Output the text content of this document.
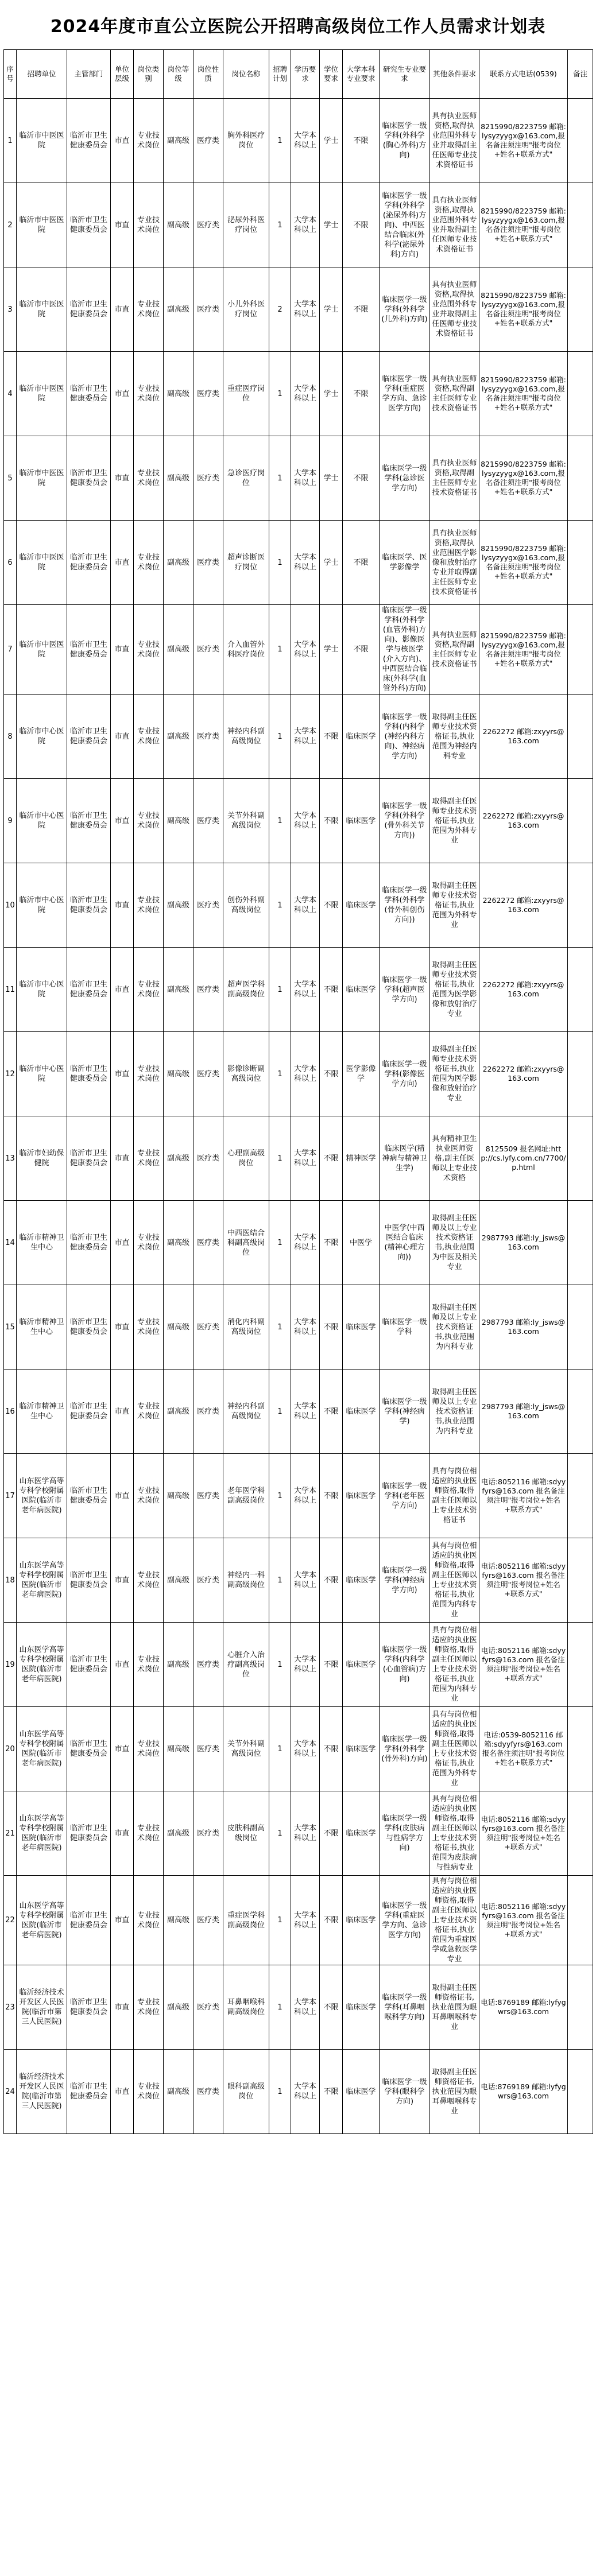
2024年度市直公立医院公开招聘高级岗位工作人员需求计划表
序号	招聘单位	主管部门	单位层级	岗位类别	岗位等级	岗位性质	岗位名称	招聘计划	学历要求	学位要求	大学本科专业要求	研究生专业要求	其他条件要求	联系方式电话(0539)	备注
1	临沂市中医医院	临沂市卫生健康委员会	市直	专业技术岗位	副高级	医疗类	胸外科医疗岗位	1	大学本科以上	学士	不限	临床医学一级学科(外科学(胸心外科)方向)	具有执业医师资格,取得执业范围外科专业并取得副主任医师专业技术资格证书	8215990/8223759 邮箱:lysyzyygx@163.com,报名备注须注明"报考岗位+姓名+联系方式"	
2	临沂市中医医院	临沂市卫生健康委员会	市直	专业技术岗位	副高级	医疗类	泌尿外科医疗岗位	1	大学本科以上	学士	不限	临床医学一级学科(外科学(泌尿外科)方向)、中西医结合临床(外科学(泌尿外科)方向)	具有执业医师资格,取得执业范围外科专业并取得副主任医师专业技术资格证书	8215990/8223759 邮箱:lysyzyygx@163.com,报名备注须注明"报考岗位+姓名+联系方式"	
3	临沂市中医医院	临沂市卫生健康委员会	市直	专业技术岗位	副高级	医疗类	小儿外科医疗岗位	2	大学本科以上	学士	不限	临床医学一级学科(外科学(儿外科)方向)	具有执业医师资格,取得执业范围外科专业并取得副主任医师专业技术资格证书	8215990/8223759 邮箱:lysyzyygx@163.com,报名备注须注明"报考岗位+姓名+联系方式"	
4	临沂市中医医院	临沂市卫生健康委员会	市直	专业技术岗位	副高级	医疗类	重症医疗岗位	1	大学本科以上	学士	不限	临床医学一级学科(重症医学方向、急诊医学方向)	具有执业医师资格,取得副主任医师专业技术资格证书	8215990/8223759 邮箱:lysyzyygx@163.com,报名备注须注明"报考岗位+姓名+联系方式"	
5	临沂市中医医院	临沂市卫生健康委员会	市直	专业技术岗位	副高级	医疗类	急诊医疗岗位	1	大学本科以上	学士	不限	临床医学一级学科(急诊医学方向)	具有执业医师资格,取得副主任医师专业技术资格证书	8215990/8223759 邮箱:lysyzyygx@163.com,报名备注须注明"报考岗位+姓名+联系方式"	
6	临沂市中医医院	临沂市卫生健康委员会	市直	专业技术岗位	副高级	医疗类	超声诊断医疗岗位	1	大学本科以上	学士	不限	临床医学、医学影像学	具有执业医师资格,取得执业范围医学影像和放射治疗专业并取得副主任医师专业技术资格证书	8215990/8223759 邮箱:lysyzyygx@163.com,报名备注须注明"报考岗位+姓名+联系方式"	
7	临沂市中医医院	临沂市卫生健康委员会	市直	专业技术岗位	副高级	医疗类	介入血管外科医疗岗位	1	大学本科以上	学士	不限	临床医学一级学科(外科学(血管外科)方向)、影像医学与核医学(介入方向)、中西医结合临床(外科学(血管外科)方向)	具有执业医师资格,取得副主任医师专业技术资格证书	8215990/8223759 邮箱:lysyzyygx@163.com,报名备注须注明"报考岗位+姓名+联系方式"	
8	临沂市中心医院	临沂市卫生健康委员会	市直	专业技术岗位	副高级	医疗类	神经内科副高级岗位	1	大学本科以上	不限	临床医学	临床医学一级学科(内科学(神经内科方向)、神经病学方向)	取得副主任医师专业技术资格证书,执业范围为神经内科专业	2262272 邮箱:zxyyrs@163.com	
9	临沂市中心医院	临沂市卫生健康委员会	市直	专业技术岗位	副高级	医疗类	关节外科副高级岗位	1	大学本科以上	不限	临床医学	临床医学一级学科(外科学(骨外科关节方向))	取得副主任医师专业技术资格证书,执业范围为外科专业	2262272 邮箱:zxyyrs@163.com	
10	临沂市中心医院	临沂市卫生健康委员会	市直	专业技术岗位	副高级	医疗类	创伤外科副高级岗位	1	大学本科以上	不限	临床医学	临床医学一级学科(外科学(骨外科创伤方向))	取得副主任医师专业技术资格证书,执业范围为外科专业	2262272 邮箱:zxyyrs@163.com	
11	临沂市中心医院	临沂市卫生健康委员会	市直	专业技术岗位	副高级	医疗类	超声医学科副高级岗位	1	大学本科以上	不限	临床医学	临床医学一级学科(超声医学方向)	取得副主任医师专业技术资格证书,执业范围为医学影像和放射治疗专业	2262272 邮箱:zxyyrs@163.com	
12	临沂市中心医院	临沂市卫生健康委员会	市直	专业技术岗位	副高级	医疗类	影像诊断副高级岗位	1	大学本科以上	不限	医学影像学	临床医学一级学科(影像医学方向)	取得副主任医师专业技术资格证书,执业范围为医学影像和放射治疗专业	2262272 邮箱:zxyyrs@163.com	
13	临沂市妇幼保健院	临沂市卫生健康委员会	市直	专业技术岗位	副高级	医疗类	心理副高级岗位	1	大学本科以上	不限	精神医学	临床医学(精神病与精神卫生学)	具有精神卫生执业医师资格,副主任医师以上专业技术资格	8125509 报名网址:http://cs.lyfy.com.cn/7700/p.html	
14	临沂市精神卫生中心	临沂市卫生健康委员会	市直	专业技术岗位	副高级	医疗类	中西医结合科副高级岗位	1	大学本科以上	不限	中医学	中医学(中西医结合临床(精神心理方向))	取得副主任医师及以上专业技术资格证书,执业范围为中医及相关专业	2987793 邮箱:ly_jsws@163.com	
15	临沂市精神卫生中心	临沂市卫生健康委员会	市直	专业技术岗位	副高级	医疗类	消化内科副高级岗位	1	大学本科以上	不限	临床医学	临床医学一级学科	取得副主任医师及以上专业技术资格证书,执业范围为内科专业	2987793 邮箱:ly_jsws@163.com	
16	临沂市精神卫生中心	临沂市卫生健康委员会	市直	专业技术岗位	副高级	医疗类	神经内科副高级岗位	1	大学本科以上	不限	临床医学	临床医学一级学科(神经病学)	取得副主任医师及以上专业技术资格证书,执业范围为内科专业	2987793 邮箱:ly_jsws@163.com	
17	山东医学高等专科学校附属医院(临沂市老年病医院)	临沂市卫生健康委员会	市直	专业技术岗位	副高级	医疗类	老年医学科副高级岗位	1	大学本科以上	不限	临床医学	临床医学一级学科(老年医学方向)	具有与岗位相适应的执业医师资格,取得副主任医师以上专业技术资格证书	电话:8052116 邮箱:sdyyfyrs@163.com 报名备注须注明"报考岗位+姓名+联系方式"	
18	山东医学高等专科学校附属医院(临沂市老年病医院)	临沂市卫生健康委员会	市直	专业技术岗位	副高级	医疗类	神经内一科副高级岗位	1	大学本科以上	不限	临床医学	临床医学一级学科(神经病学方向)	具有与岗位相适应的执业医师资格,取得副主任医师以上专业技术资格证书,执业范围为内科专业	电话:8052116 邮箱:sdyyfyrs@163.com 报名备注须注明"报考岗位+姓名+联系方式"	
19	山东医学高等专科学校附属医院(临沂市老年病医院)	临沂市卫生健康委员会	市直	专业技术岗位	副高级	医疗类	心脏介入治疗副高级岗位	1	大学本科以上	不限	临床医学	临床医学一级学科(内科学(心血管病)方向)	具有与岗位相适应的执业医师资格,取得副主任医师以上专业技术资格证书,执业范围为内科专业	电话:8052116 邮箱:sdyyfyrs@163.com 报名备注须注明"报考岗位+姓名+联系方式"	
20	山东医学高等专科学校附属医院(临沂市老年病医院)	临沂市卫生健康委员会	市直	专业技术岗位	副高级	医疗类	关节外科副高级岗位	1	大学本科以上	不限	临床医学	临床医学一级学科(外科学(骨外科)方向)	具有与岗位相适应的执业医师资格,取得副主任医师以上专业技术资格证书,执业范围为外科专业	电话:0539-8052116 邮箱:sdyyfyrs@163.com 报名备注须注明"报考岗位+姓名+联系方式"	
21	山东医学高等专科学校附属医院(临沂市老年病医院)	临沂市卫生健康委员会	市直	专业技术岗位	副高级	医疗类	皮肤科副高级岗位	1	大学本科以上	不限	临床医学	临床医学一级学科(皮肤病与性病学方向)	具有与岗位相适应的执业医师资格,取得副主任医师以上专业技术资格证书,执业范围为皮肤病与性病专业	电话:8052116 邮箱:sdyyfyrs@163.com 报名备注须注明"报考岗位+姓名+联系方式"	
22	山东医学高等专科学校附属医院(临沂市老年病医院)	临沂市卫生健康委员会	市直	专业技术岗位	副高级	医疗类	重症医学科副高级岗位	1	大学本科以上	不限	临床医学	临床医学一级学科(重症医学方向、急诊医学方向)	具有与岗位相适应的执业医师资格,取得副主任医师以上专业技术资格证书,执业范围为重症医学或急救医学专业	电话:8052116 邮箱:sdyyfyrs@163.com 报名备注须注明"报考岗位+姓名+联系方式"	
23	临沂经济技术开发区人民医院(临沂市第三人民医院)	临沂市卫生健康委员会	市直	专业技术岗位	副高级	医疗类	耳鼻咽喉科副高级岗位	1	大学本科以上	不限	临床医学	临床医学一级学科(耳鼻咽喉科学方向)	取得副主任医师资格证书,执业范围为眼耳鼻咽喉科专业	电话:8769189 邮箱:lyfygwrs@163.com	
24	临沂经济技术开发区人民医院(临沂市第三人民医院)	临沂市卫生健康委员会	市直	专业技术岗位	副高级	医疗类	眼科副高级岗位	1	大学本科以上	不限	临床医学	临床医学一级学科(眼科学方向)	取得副主任医师资格证书,执业范围为眼耳鼻咽喉科专业	电话:8769189 邮箱:lyfygwrs@163.com	
